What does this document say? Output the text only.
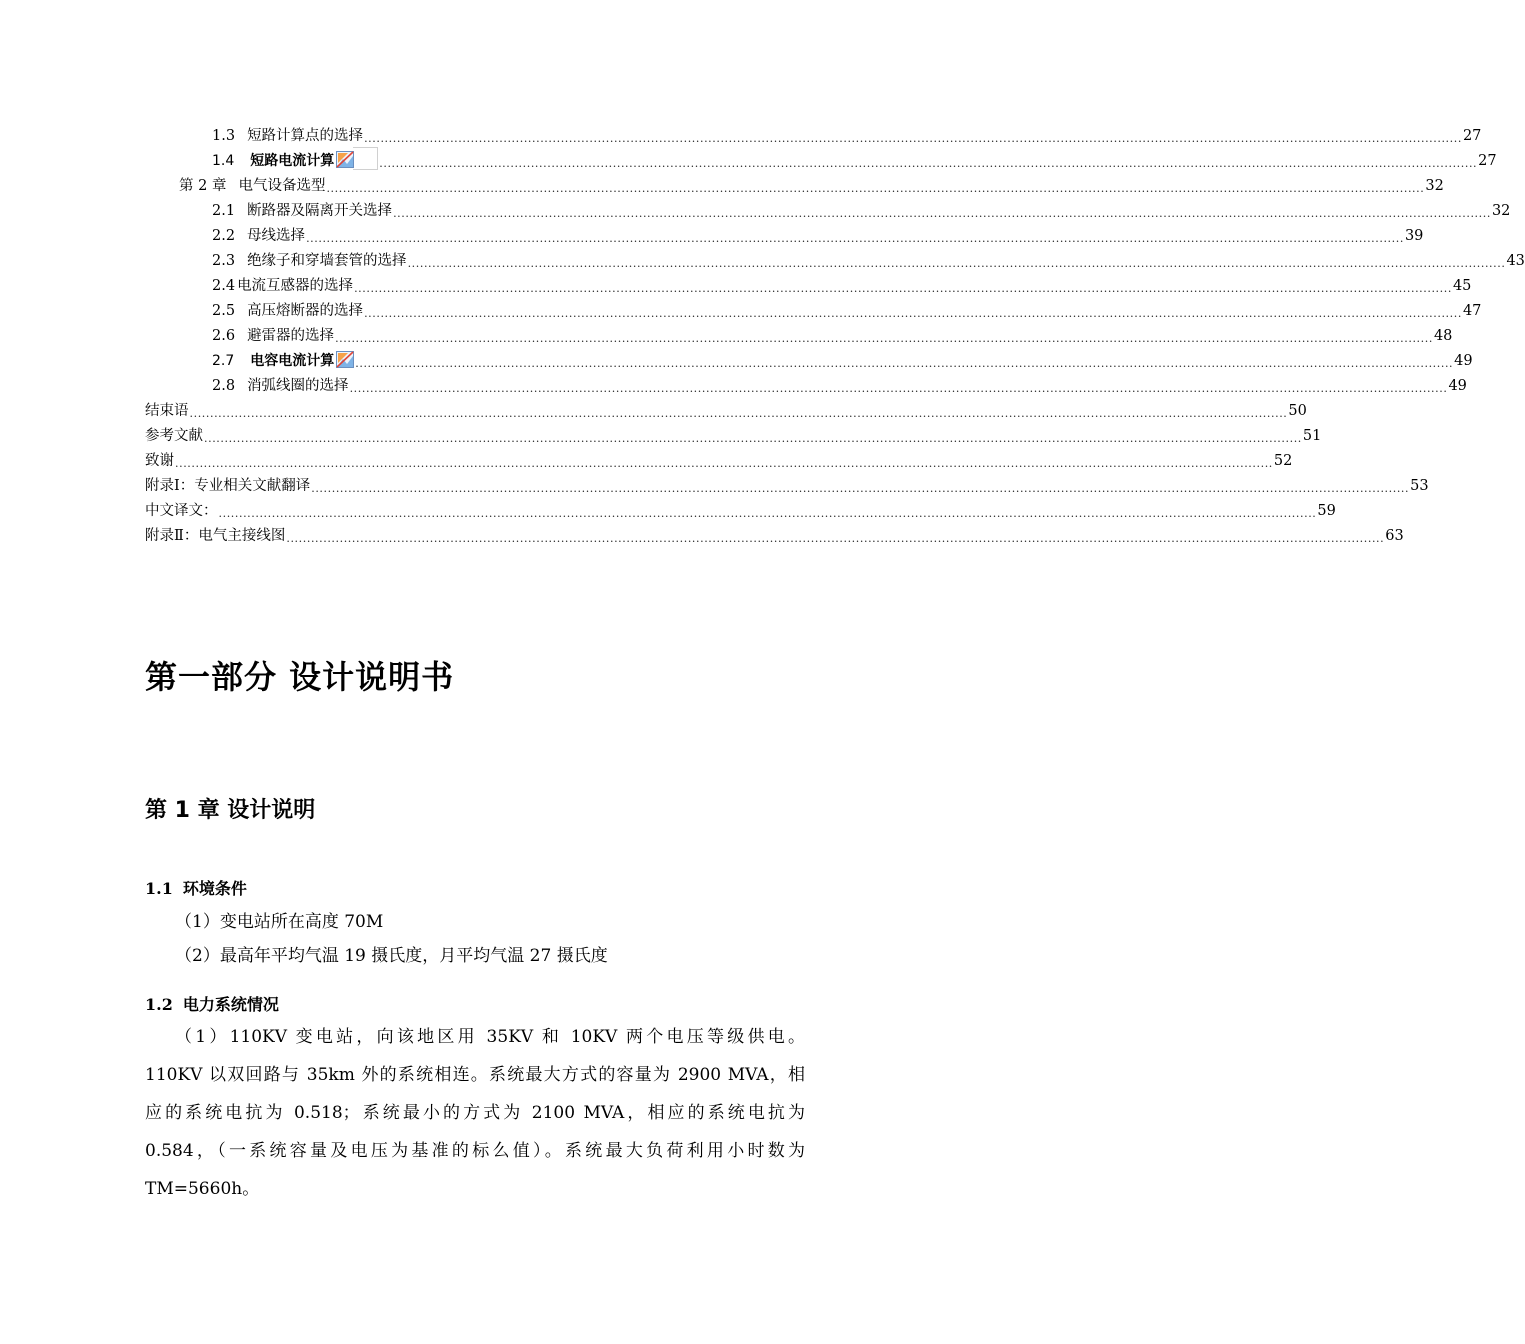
1.3 短路计算点的选择 ............................................................................................................................................................................................................................................................................ 27
1.4 短路电流计算	............................................................................................................................................................................................................................................................................ 27
第 2 章 电气设备选型 ............................................................................................................................................................................................................................................................................ 32
2.1 断路器及隔离开关选择 ............................................................................................................................................................................................................................................................................ 32
2.2 母线选择 ............................................................................................................................................................................................................................................................................ 39
2.3 绝缘子和穿墙套管的选择 ............................................................................................................................................................................................................................................................................ 43
2.4 电流互感器的选择 ............................................................................................................................................................................................................................................................................ 45
2.5 高压熔断器的选择 ............................................................................................................................................................................................................................................................................ 47
2.6 避雷器的选择 ............................................................................................................................................................................................................................................................................ 48
2.7 电容电流计算	............................................................................................................................................................................................................................................................................ 49
2.8 消弧线圈的选择 ............................................................................................................................................................................................................................................................................ 49
结束语 ............................................................................................................................................................................................................................................................................ 50
参考文献 ............................................................................................................................................................................................................................................................................ 51
致谢 ............................................................................................................................................................................................................................................................................ 52
附录Ⅰ：专业相关文献翻译 ............................................................................................................................................................................................................................................................................ 53
中文译文： ............................................................................................................................................................................................................................................................................ 59
附录Ⅱ：电气主接线图 ............................................................................................................................................................................................................................................................................ 63
第一部分 设计说明书
第 1 章 设计说明
1.1 环境条件

（1）变电站所在高度 70M

（2）最高年平均气温 19 摄氏度，月平均气温 27 摄氏度

1.2 电力系统情况
（1）110KV 变电站，向该地区用 35KV 和 10KV 两个电压等级供电。
110KV 以双回路与 35km 外的系统相连。系统最大方式的容量为 2900 MVA，相
应的系统电抗为 0.518；系统最小的方式为 2100 MVA，相应的系统电抗为
0.584，（一系统容量及电压为基准的标么值）。系统最大负荷利用小时数为
TM=5660h。
